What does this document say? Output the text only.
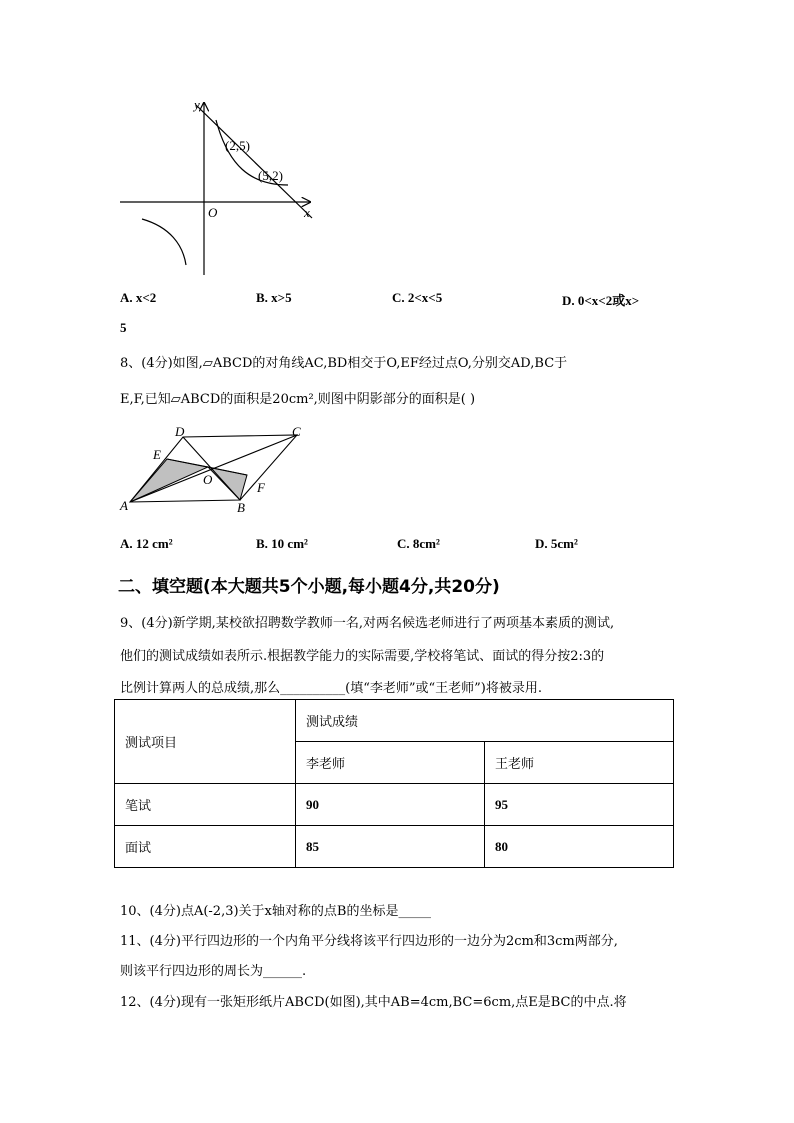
y
x
O
(2,5)
(5,2)
A. x<2	B. x>5	C. 2<x<5	D. 0<x<2或x>
5
8、(4分)如图,▱ABCD的对角线AC,BD相交于O,EF经过点O,分别交AD,BC于
E,F,已知▱ABCD的面积是20cm²,则图中阴影部分的面积是( )
D	C
E
O
F
A	B
A. 12 cm²	B. 10 cm²	C. 8cm²	D. 5cm²
二、填空题(本大题共5个小题,每小题4分,共20分)
9、(4分)新学期,某校欲招聘数学教师一名,对两名候选老师进行了两项基本素质的测试,
他们的测试成绩如表所示.根据教学能力的实际需要,学校将笔试、面试的得分按2:3的
比例计算两人的总成绩,那么__________(填“李老师”或“王老师”)将被录用.
测试项目	测试成绩	
	李老师	王老师
笔试	90	95
面试	85	80
10、(4分)点A(-2,3)关于x轴对称的点B的坐标是_____
11、(4分)平行四边形的一个内角平分线将该平行四边形的一边分为2cm和3cm两部分,
则该平行四边形的周长为______.
12、(4分)现有一张矩形纸片ABCD(如图),其中AB=4cm,BC=6cm,点E是BC的中点.将
